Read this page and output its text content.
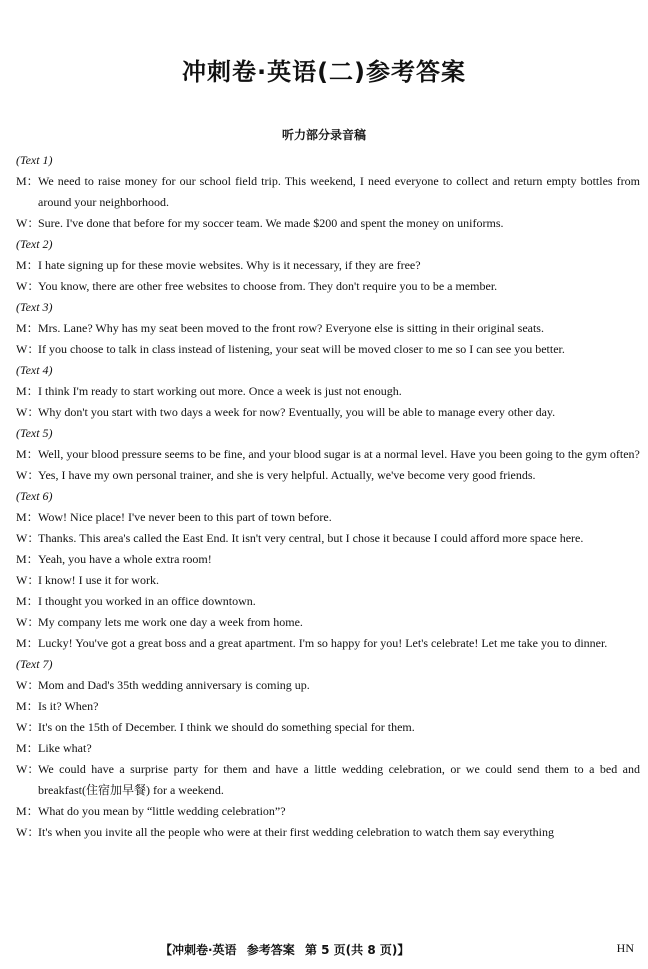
冲刺卷·英语(二)参考答案
听力部分录音稿
(Text 1)
M： We need to raise money for our school field trip. This weekend, I need everyone to collect and return empty bottles from around your neighborhood.
W：
Sure. I've done that before for my soccer team. We made $200 and spent the money on uniforms.
(Text 2)
M： I hate signing up for these movie websites. Why is it necessary, if they are free?
W：
You know, there are other free websites to choose from. They don't require you to be a member.
(Text 3)
M： Mrs. Lane? Why has my seat been moved to the front row? Everyone else is sitting in their original seats.
W：
If you choose to talk in class instead of listening, your seat will be moved closer to me so I can see you better.
(Text 4)
M： I think I'm ready to start working out more. Once a week is just not enough.
W：
Why don't you start with two days a week for now? Eventually, you will be able to manage every other day.
(Text 5)
M： Well, your blood pressure seems to be fine, and your blood sugar is at a normal level. Have you been going to the gym often?
W：
Yes, I have my own personal trainer, and she is very helpful. Actually, we've become very good friends.
(Text 6)
M： Wow! Nice place! I've never been to this part of town before.
W：
Thanks. This area's called the East End. It isn't very central, but I chose it because I could afford more space here.
M： Yeah, you have a whole extra room!
W：
I know! I use it for work.
M： I thought you worked in an office downtown.
W：
My company lets me work one day a week from home.
M： Lucky! You've got a great boss and a great apartment. I'm so happy for you! Let's celebrate! Let me take you to dinner.
(Text 7)
W：
Mom and Dad's 35th wedding anniversary is coming up.
M： Is it? When?
W：
It's on the 15th of December. I think we should do something special for them.
M： Like what?
W：
We could have a surprise party for them and have a little wedding celebration, or we could send them to a bed and breakfast(住宿加早餐) for a weekend.
M： What do you mean by “little wedding celebration”?
W：
It's when you invite all the people who were at their first wedding celebration to watch them say everything
【冲刺卷·英语 参考答案 第 5 页(共 8 页)】	HN
